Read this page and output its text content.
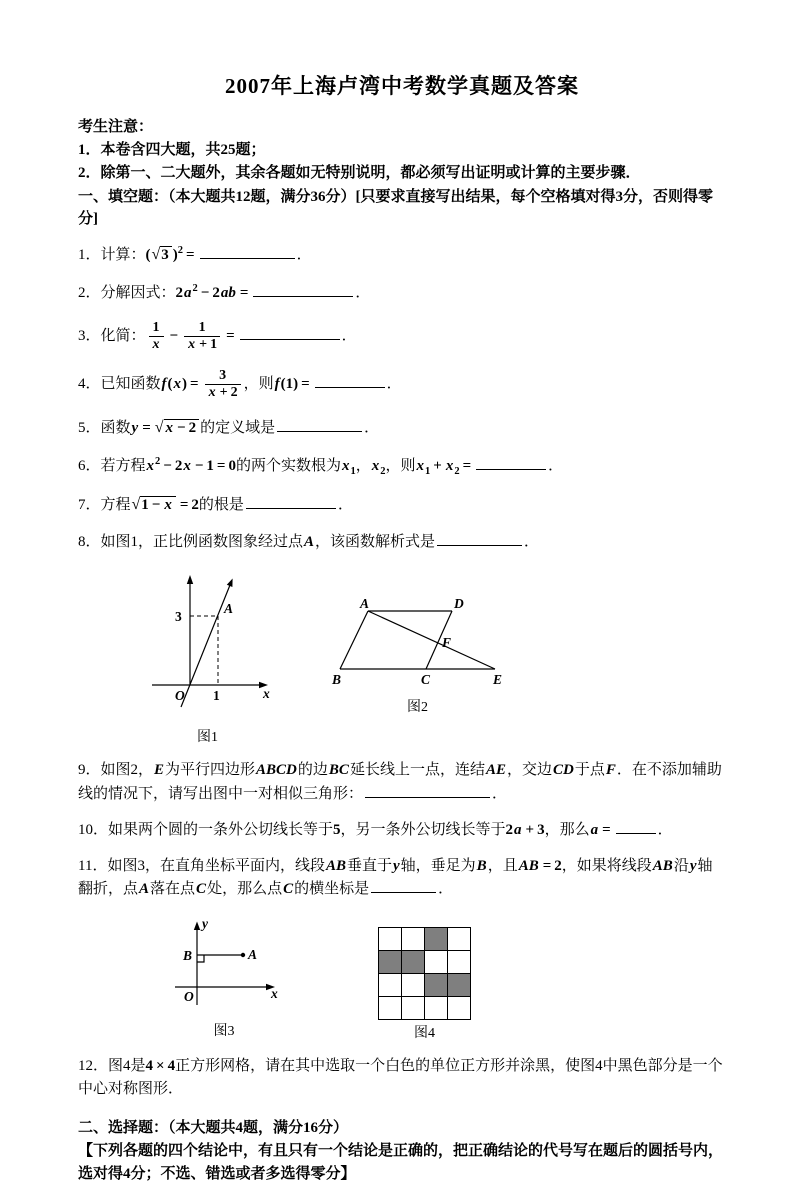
2007年上海卢湾中考数学真题及答案
考生注意：
1．本卷含四大题，共25题；
2．除第一、二大题外，其余各题如无特别说明，都必须写出证明或计算的主要步骤．
一、填空题：（本大题共12题，满分36分）[只要求直接写出结果，每个空格填对得3分，否则得零分]
1．计算：(√3 )$^2$ =	．
2．分解因式：$2a^2 - 2ab$ =	．
3．化简： $\frac{1}{x} - \frac{1}{x + 1}$ =	．
4．已知函数$f(x) = \frac{3}{x + 2}$ ，则f(1) =	．
5．函数y = √ x − 2 的定义域是	．
6．若方程$x^2 - 2x - 1 = 0$的两个实数根为$x_1$，$x_2$，则$x_1 + x_2$ =	．
7．方程√1 − x = 2的根是	．
8．如图1，正比例函数图象经过点A，该函数解析式是	．
3
A
O 1	x
图1
A	D
F
B	C	E
图2
9．如图2，E为平行四边形ABCD的边BC延长线上一点，连结AE，交边CD于点F．在不添加辅助线的情况下，请写出图中一对相似三角形：	．
10．如果两个圆的一条外公切线长等于5，另一条外公切线长等于2a + 3，那么a =	．
11．如图3，在直角坐标平面内，线段AB垂直于y轴，垂足为B，且AB = 2，如果将线段AB沿y轴翻折，点A落在点C处，那么点C的横坐标是	．
y
x
B	A
O
图3	图4
12．图4是4 × 4正方形网格，请在其中选取一个白色的单位正方形并涂黑，使图4中黑色部分是一个中心对称图形．
二、选择题：（本大题共4题，满分16分）
【下列各题的四个结论中，有且只有一个结论是正确的，把正确结论的代号写在题后的圆括号内，选对得4分；不选、错选或者多选得零分】
